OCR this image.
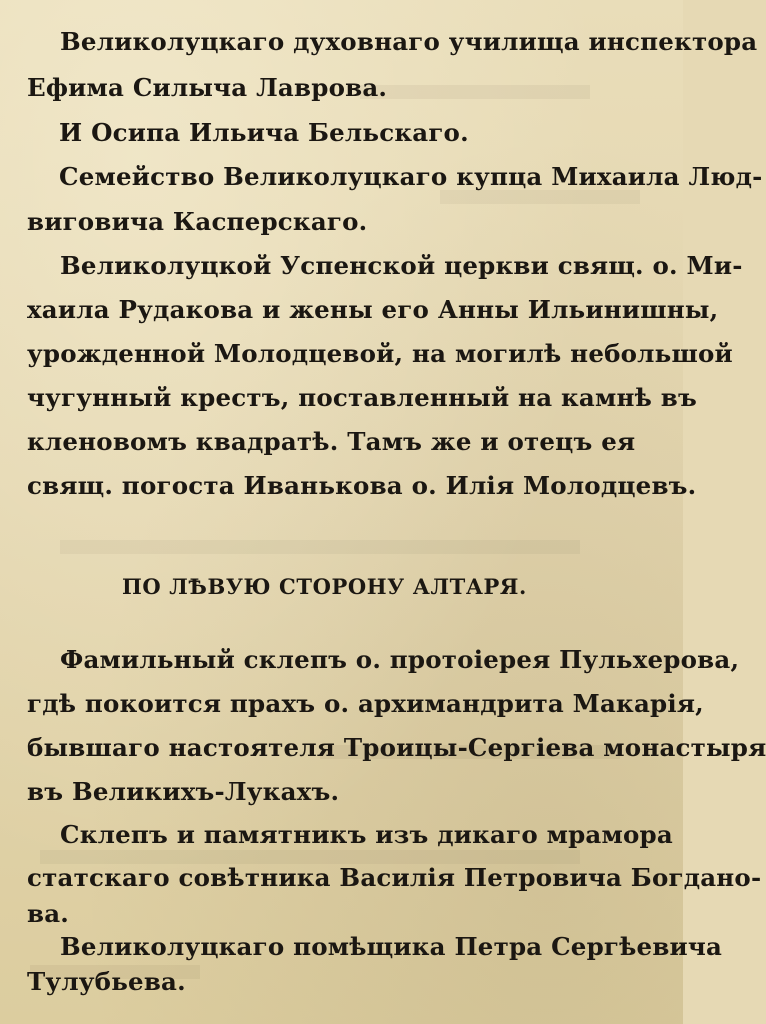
Великолуцкаго духовнаго училища инспектора
Ефима Силыча Лаврова.
И Осипа Ильича Бельскаго.
Семейство Великолуцкаго купца Михаила Люд-
виговича Касперскаго.
Великолуцкой Успенской церкви свящ. о. Ми-
хаила Рудакова и жены его Анны Ильинишны,
урожденной Молодцевой, на могилѣ небольшой
чугунный крестъ, поставленный на камнѣ въ
кленовомъ квадратѣ. Тамъ же и отецъ ея
свящ. погоста Иванькова о. Илія Молодцевъ.
ПО ЛѢВУЮ СТОРОНУ АЛТАРЯ.
Фамильный склепъ о. протоіерея Пульхерова,
гдѣ покоится прахъ о. архимандрита Макарія,
бывшаго настоятеля Троицы-Сергіева монастыря
въ Великихъ-Лукахъ.
Склепъ и памятникъ изъ дикаго мрамора
статскаго совѣтника Василія Петровича Богдано-
ва.
Великолуцкаго помѣщика Петра Сергѣевича
Тулубьева.
